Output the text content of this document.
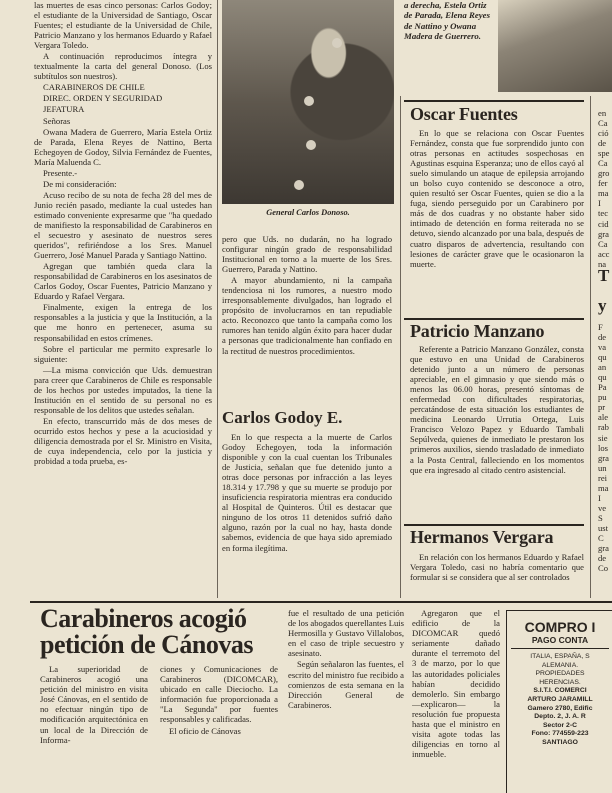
las muertes de esas cinco personas: Carlos Godoy; el estudiante de la Universidad de Santiago, Oscar Fuentes; el estudiante de la Universidad de Chile, Patricio Manzano y los hermanos Eduardo y Rafael Vergara Toledo.

A continuación reproducimos íntegra y textualmente la carta del general Donoso. (Los subtítulos son nuestros).

CARABINEROS DE CHILE

DIREC. ORDEN Y SEGURIDAD

JEFATURA

Señoras

Owana Madera de Guerrero, María Estela Ortiz de Parada, Elena Reyes de Nattino, Berta Echegoyen de Godoy, Silvia Fernández de Fuentes, María Maluenda C.

Presente.-

De mi consideración:

Acuso recibo de su nota de fecha 28 del mes de Junio recién pasado, mediante la cual ustedes han estimado conveniente expresarme que "ha quedado de manifiesto la responsabilidad de Carabineros en el secuestro y asesinato de nuestros seres queridos", refiriéndose a los Sres. Manuel Guerrero, José Manuel Parada y Santiago Nattino.

Agregan que también queda clara la responsabilidad de Carabineros en los asesinatos de Carlos Godoy, Oscar Fuentes, Patricio Manzano y Eduardo y Rafael Vergara.

Finalmente, exigen la entrega de los responsables a la justicia y que la Institución, a la que me honro en pertenecer, asuma su responsabilidad en estos crímenes.

Sobre el particular me permito expresarle lo siguiente:

—La misma convicción que Uds. demuestran para creer que Carabineros de Chile es responsable de los hechos por ustedes imputados, la tiene la Institución en el sentido de su personal no es responsable de los delitos que ustedes señalan.

En efecto, transcurrido más de dos meses de ocurrido estos hechos y pese a la acuciosidad y diligencia demostrada por el Sr. Ministro en Visita, de cuya independencia, celo por la justicia y probidad a toda prueba, es-

General Carlos Donoso.

pero que Uds. no dudarán, no ha logrado configurar ningún grado de responsabilidad Institucional en torno a la muerte de los Sres. Guerrero, Parada y Nattino.

A mayor abundamiento, ni la campaña tendenciosa ni los rumores, a nuestro modo irresponsablemente divulgados, han logrado el propósito de involucrarnos en tan repudiable acto. Reconozco que tanto la campaña como los rumores han tenido algún éxito para hacer dudar a personas que tradicionalmente han confiado en la rectitud de nuestros procedimientos.

Carlos Godoy E.

En lo que respecta a la muerte de Carlos Godoy Echegoyen, toda la información disponible y con la cual cuentan los Tribunales de Justicia, señalan que fue detenido junto a otras doce personas por infracción a las leyes 18.314 y 17.798 y que su muerte se produjo por insuficiencia respiratoria mientras era conducido al Hospital de Quinteros. Útil es destacar que ninguno de los otros 11 detenidos sufrió daño alguno, razón por la cual no hay, hasta donde sabemos, evidencia de que haya sido apremiado en forma ilegítima.

a derecha, Estela Ortiz de Parada, Elena Reyes de Nattino y Owana Madera de Guerrero.
Oscar Fuentes

En lo que se relaciona con Oscar Fuentes Fernández, consta que fue sorprendido junto con otras personas en actitudes sospechosas en Agustinas esquina Esperanza; uno de ellos cayó al suelo simulando un ataque de epilepsia arrojando un bolso cuyo contenido se desconoce a otro, quien resultó ser Oscar Fuentes, quien se dio a la fuga, siendo perseguido por un Carabinero por más de dos cuadras y no obstante haber sido intimado de detención en forma reiterada no se detuvo, siendo alcanzado por una bala, después de cuatro disparos de advertencia, resultando con lesiones de carácter grave que le ocasionaron la muerte.

Patricio Manzano

Referente a Patricio Manzano González, consta que estuvo en una Unidad de Carabineros detenido junto a un número de personas apreciable, en el gimnasio y que siendo más o menos las 06.00 horas, presentó síntomas de enfermedad con dificultades respiratorias, percatándose de esta situación los estudiantes de medicina Leonardo Urrutia Ortega, Luis Francisco Velozo Papez y Eduardo Tambali Sepúlveda, quienes de inmediato le prestaron los primeros auxilios, siendo trasladado de inmediato a la Posta Central, falleciendo en los momentos que era ingresado al citado centro asistencial.

Hermanos Vergara

En relación con los hermanos Eduardo y Rafael Vergara Toledo, casi no habría comentario que formular si se considera que al ser controlados

en
Ca
ció
de
spe
Ca
gro
fer
ma
I
tec
cid
gra
Ca
acc
na
T
y
F
de
va
qu
an
qu
Pa
pu
pr
ale
rab
sie
los
gra
un
rei
ma
I
ve
S
ust
C
gra
de
Co
Carabineros acogió petición de Cánovas

La superioridad de Carabineros acogió una petición del ministro en visita José Cánovas, en el sentido de no efectuar ningún tipo de modificación arquitectónica en un local de la Dirección de Informa-

ciones y Comunicaciones de Carabineros (DICOMCAR), ubicado en calle Dieciocho. La información fue proporcionada a "La Segunda" por fuentes responsables y calificadas.

El oficio de Cánovas

fue el resultado de una petición de los abogados querellantes Luis Hermosilla y Gustavo Villalobos, en el caso de triple secuestro y asesinato.

Según señalaron las fuentes, el escrito del ministro fue recibido a comienzos de esta semana en la Dirección General de Carabineros.

Agregaron que el edificio de la DICOMCAR quedó seriamente dañado durante el terremoto del 3 de marzo, por lo que las autoridades policiales habían decidido demolerlo. Sin embargo —explicaron— la resolución fue propuesta hasta que el ministro en visita agote todas las diligencias en torno al inmueble.

COMPRO I
PAGO CONTA
ITALIA, ESPAÑA, S
ALEMANIA.
PROPIEDADES
HERENCIAS.
S.I.T.I. COMERCI
ARTURO JARAMILL
Gamero 2780, Edific
Depto. 2, J. A. R
Sector 2-C
Fono: 774559-223
SANTIAGO
